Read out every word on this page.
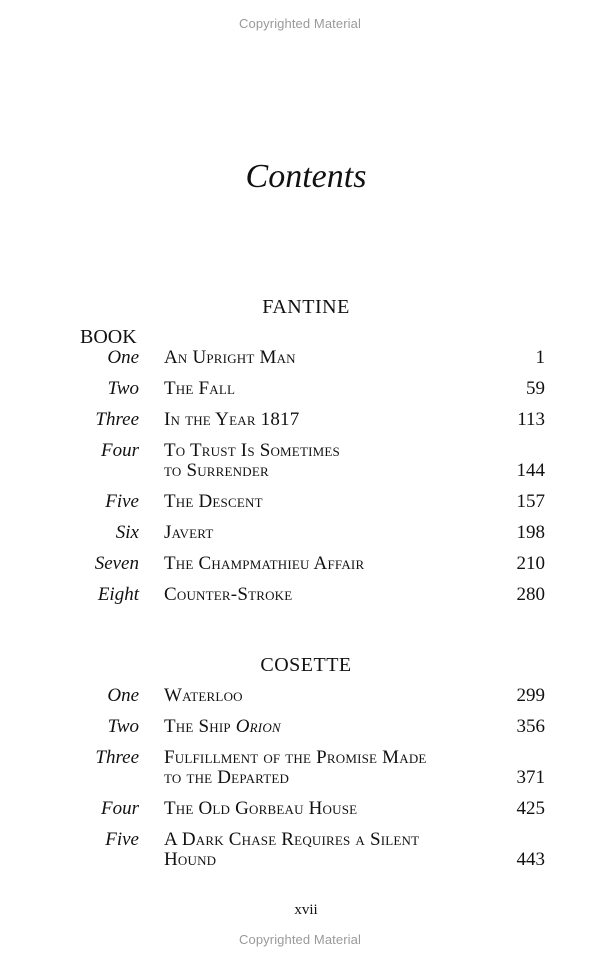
Copyrighted Material
Contents
FANTINE
BOOK
One An Upright Man	1
Two The Fall	59
Three In the Year 1817	113
Four To Trust Is Sometimes
to Surrender	144
Five The Descent	157
Six Javert	198
Seven The Champmathieu Affair	210
Eight Counter-Stroke	280
COSETTE
One Waterloo	299
Two The Ship Orion	356
Three Fulfillment of the Promise Made
to the Departed	371
Four The Old Gorbeau House	425
Five A Dark Chase Requires a Silent
Hound	443
xvii
Copyrighted Material
